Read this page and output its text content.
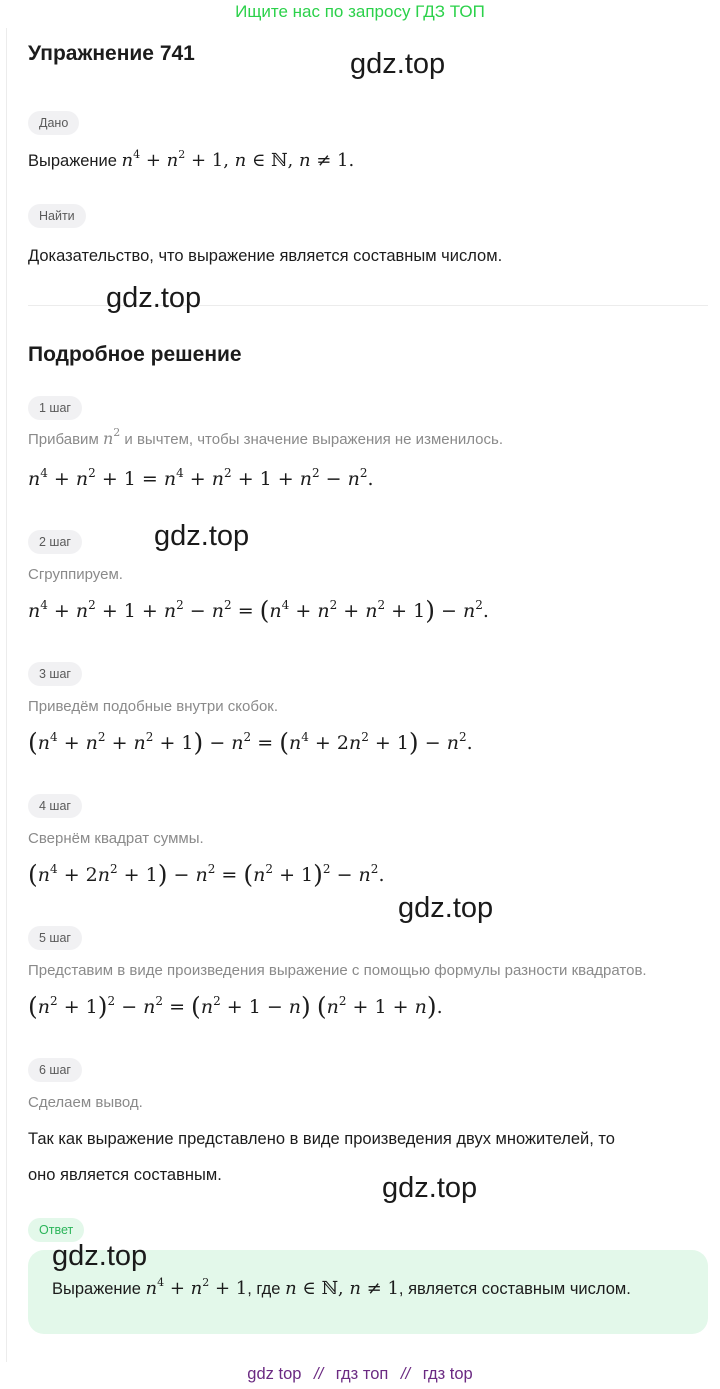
Ищите нас по запросу ГДЗ ТОП
Упражнение 741
Дано
Выражение $n^4 + n^2 + 1$, n ∈ ℕ, n ≠ 1.
Найти
Доказательство, что выражение является составным числом.
Подробное решение
1 шаг
Прибавим $n^2$ и вычтем, чтобы значение выражения не изменилось.
$n^4 + n^2 + 1 = n^4 + n^2 + 1 + n^2 - n^2$.
2 шаг
Сгруппируем.
$n^4 + n^2 + 1 + n^2 - n^2 = (n^4 + n^2 + n^2 + 1) - n^2$.
3 шаг
Приведём подобные внутри скобок.
$(n^4 + n^2 + n^2 + 1) - n^2 = (n^4 + 2n^2 + 1) - n^2$.
4 шаг
Свернём квадрат суммы.
$(n^4 + 2n^2 + 1) - n^2 = (n^2 + 1)^2 - n^2$.
5 шаг
Представим в виде произведения выражение с помощью формулы разности квадратов.
$(n^2 + 1)^2 - n^2 = (n^2 + 1 - n) (n^2 + 1 + n)$.
6 шаг
Сделаем вывод.
Так как выражение представлено в виде произведения двух множителей, то
оно является составным.
Ответ
Выражение $n^4 + n^2 + 1$, где n ∈ ℕ, n ≠ 1, является составным числом.
gdz.top
gdz.top
gdz.top
gdz.top
gdz.top
gdz.top
gdz top // гдз топ // гдз top
